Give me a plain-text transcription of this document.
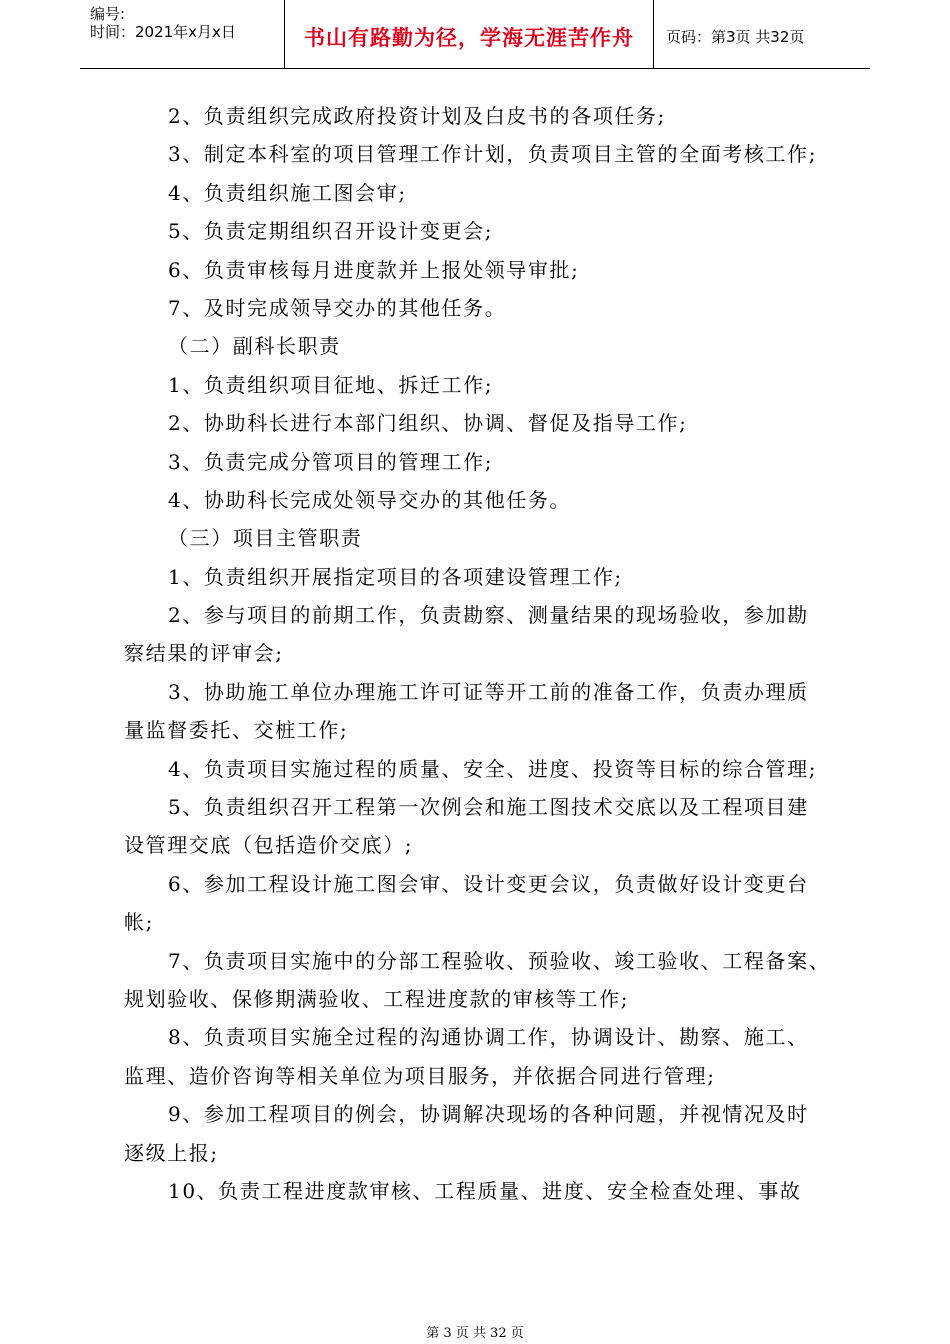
编号:
时间：2021年x月x日	书山有路勤为径，学海无涯苦作舟	页码：第3页 共32页

2、负责组织完成政府投资计划及白皮书的各项任务;

3、制定本科室的项目管理工作计划，负责项目主管的全面考核工作;

4、负责组织施工图会审;

5、负责定期组织召开设计变更会;

6、负责审核每月进度款并上报处领导审批;

7、及时完成领导交办的其他任务。

（二）副科长职责

1、负责组织项目征地、拆迁工作;

2、协助科长进行本部门组织、协调、督促及指导工作;

3、负责完成分管项目的管理工作;

4、协助科长完成处领导交办的其他任务。

（三）项目主管职责

1、负责组织开展指定项目的各项建设管理工作;

2、参与项目的前期工作，负责勘察、测量结果的现场验收，参加勘

察结果的评审会;

3、协助施工单位办理施工许可证等开工前的准备工作，负责办理质

量监督委托、交桩工作;

4、负责项目实施过程的质量、安全、进度、投资等目标的综合管理;

5、负责组织召开工程第一次例会和施工图技术交底以及工程项目建

设管理交底（包括造价交底）;

6、参加工程设计施工图会审、设计变更会议，负责做好设计变更台

帐;

7、负责项目实施中的分部工程验收、预验收、竣工验收、工程备案、

规划验收、保修期满验收、工程进度款的审核等工作;

8、负责项目实施全过程的沟通协调工作，协调设计、勘察、施工、

监理、造价咨询等相关单位为项目服务，并依据合同进行管理;

9、参加工程项目的例会，协调解决现场的各种问题，并视情况及时

逐级上报;

10、负责工程进度款审核、工程质量、进度、安全检查处理、事故

第 3 页 共 32 页
